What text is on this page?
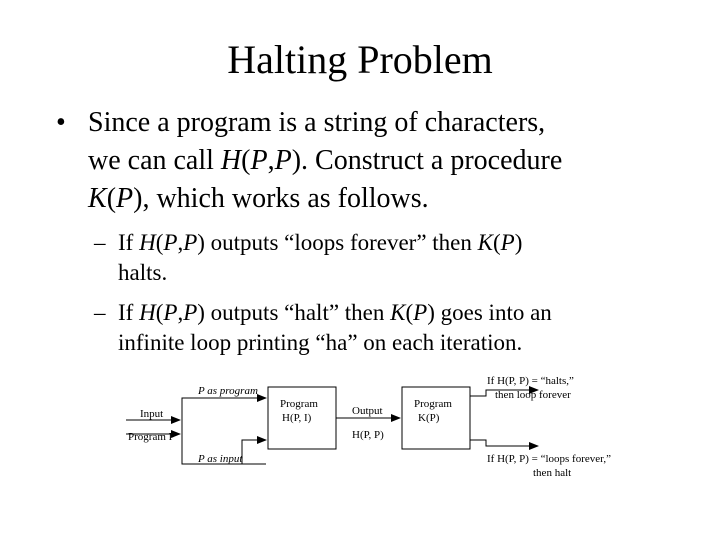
Halting Problem
• Since a program is a string of characters,
we can call H(P,P). Construct a procedure
K(P), which works as follows.
– If H(P,P) outputs “loops forever” then K(P)
halts.
– If H(P,P) outputs “halt” then K(P) goes into an
infinite loop printing “ha” on each iteration.
Input
Program P
P as program
P as input
Program
H(P, I)
Output
H(P, P)
Program
K(P)
If H(P, P) = “halts,”
then loop forever
If H(P, P) = “loops forever,”
then halt
